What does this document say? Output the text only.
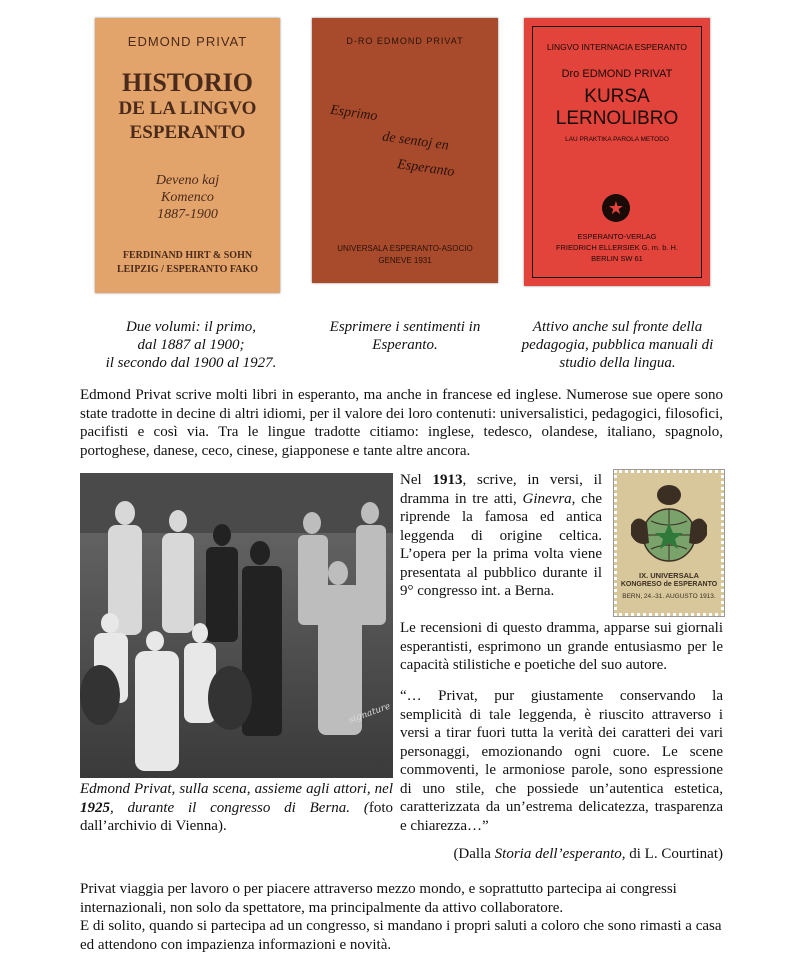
EDMOND PRIVAT
HISTORIO
DE LA LINGVO
ESPERANTO
Deveno kaj
Komenco
1887-1900
FERDINAND HIRT & SOHN
LEIPZIG / ESPERANTO FAKO
D-RO EDMOND PRIVAT
Esprimo
de sentoj en
Esperanto
UNIVERSALA ESPERANTO-ASOCIO
GENEVE 1931
LINGVO INTERNACIA ESPERANTO
Dro EDMOND PRIVAT
KURSA
LERNOLIBRO
LAU PRAKTIKA PAROLA METODO
★
ESPERANTO-VERLAG
FRIEDRICH ELLERSIEK G. m. b. H.
BERLIN SW 61
Due volumi: il primo,
dal 1887 al 1900;
il secondo dal 1900 al 1927.
Esprimere i sentimenti in
Esperanto.
Attivo anche sul fronte della
pedagogia, pubblica manuali di
studio della lingua.

Edmond Privat scrive molti libri in esperanto, ma anche in francese ed inglese. Numerose sue opere sono state tradotte in decine di altri idiomi, per il valore dei loro contenuti: universalistici, pedagogici, filosofici, pacifisti e così via. Tra le lingue tradotte citiamo: inglese, tedesco, olandese, italiano, spagnolo, portoghese, danese, ceco, cinese, giapponese e tante altre ancora.

signature

Edmond Privat, sulla scena, assieme agli attori, nel 1925, durante il congresso di Berna. (foto dall’archivio di Vienna).

Nel 1913, scrive, in versi, il dramma in tre atti, Ginevra, che riprende la famosa ed antica leggenda di origine celtica. L’opera per la prima volta viene presentata al pubblico durante il 9° congresso int. a Berna.

IX. UNIVERSALA
KONGRESO de ESPERANTO
BERN, 24.-31. AUGUSTO 1913.

Le recensioni di questo dramma, apparse sui giornali esperantisti, esprimono un grande entusiasmo per le capacità stilistiche e poetiche del suo autore.

“… Privat, pur giustamente conservando la semplicità di tale leggenda, è riuscito attraverso i versi a tirar fuori tutta la verità dei caratteri dei vari personaggi, emozionando ogni cuore. Le scene commoventi, le armoniose parole, sono espressione di uno stile, che possiede un’autentica estetica, caratterizzata da un’estrema delicatezza, trasparenza e chiarezza…”

(Dalla Storia dell’esperanto, di L. Courtinat)

Privat viaggia per lavoro o per piacere attraverso mezzo mondo, e soprattutto partecipa ai congressi internazionali, non solo da spettatore, ma principalmente da attivo collaboratore.

E di solito, quando si partecipa ad un congresso, si mandano i propri saluti a coloro che sono rimasti a casa ed attendono con impazienza informazioni e novità.
